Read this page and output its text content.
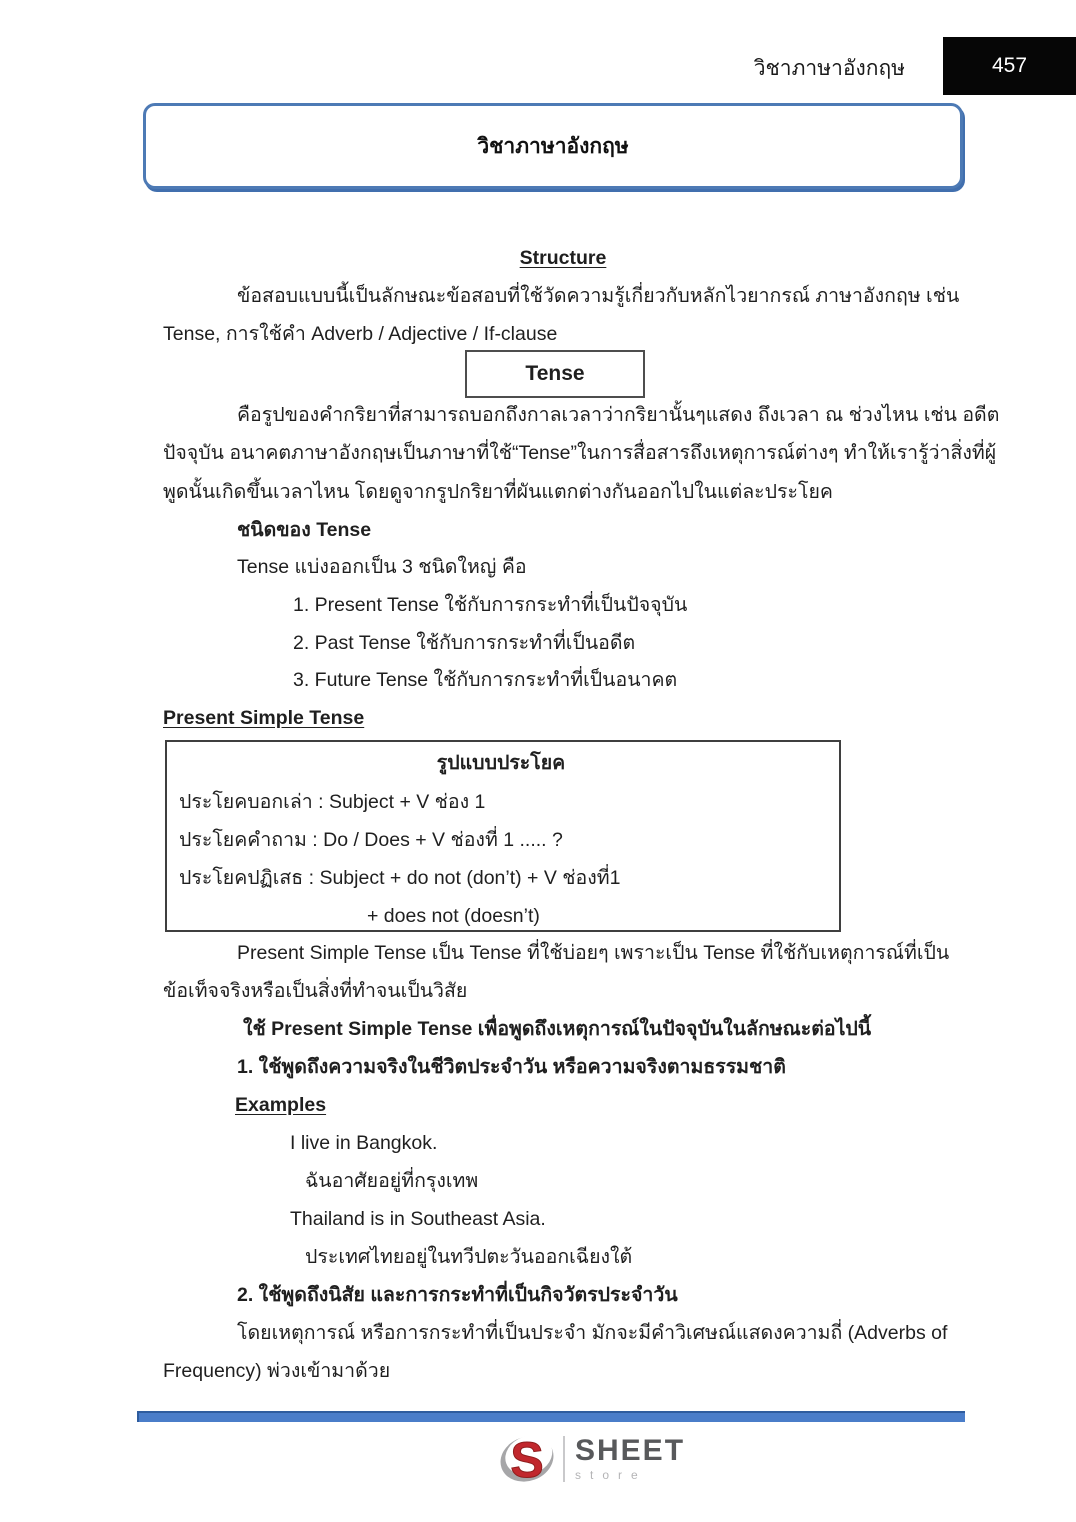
วิชาภาษาอังกฤษ	457
วิชาภาษาอังกฤษ
Structure
ข้อสอบแบบนี้เป็นลักษณะข้อสอบที่ใช้วัดความรู้เกี่ยวกับหลักไวยากรณ์ ภาษาอังกฤษ เช่น
Tense, การใช้คำ Adverb / Adjective / If-clause
Tense
คือรูปของคำกริยาที่สามารถบอกถึงกาลเวลาว่ากริยานั้นๆแสดง ถึงเวลา ณ ช่วงไหน เช่น อดีต
ปัจจุบัน อนาคตภาษาอังกฤษเป็นภาษาที่ใช้“Tense”ในการสื่อสารถึงเหตุการณ์ต่างๆ ทำให้เรารู้ว่าสิ่งที่ผู้
พูดนั้นเกิดขึ้นเวลาไหน โดยดูจากรูปกริยาที่ผันแตกต่างกันออกไปในแต่ละประโยค
ชนิดของ Tense
Tense แบ่งออกเป็น 3 ชนิดใหญ่ คือ
1. Present Tense ใช้กับการกระทำที่เป็นปัจจุบัน
2. Past Tense ใช้กับการกระทำที่เป็นอดีต
3. Future Tense ใช้กับการกระทำที่เป็นอนาคต
Present Simple Tense
รูปแบบประโยค
ประโยคบอกเล่า : Subject + V ช่อง 1
ประโยคคำถาม : Do / Does + V ช่องที่ 1 ..... ?
ประโยคปฏิเสธ : Subject + do not (don’t) + V ช่องที่1
+ does not (doesn’t)
Present Simple Tense เป็น Tense ที่ใช้บ่อยๆ เพราะเป็น Tense ที่ใช้กับเหตุการณ์ที่เป็น
ข้อเท็จจริงหรือเป็นสิ่งที่ทำจนเป็นวิสัย
ใช้ Present Simple Tense เพื่อพูดถึงเหตุการณ์ในปัจจุบันในลักษณะต่อไปนี้
1. ใช้พูดถึงความจริงในชีวิตประจำวัน หรือความจริงตามธรรมชาติ
Examples
I live in Bangkok.
ฉันอาศัยอยู่ที่กรุงเทพ
Thailand is in Southeast Asia.
ประเทศไทยอยู่ในทวีปตะวันออกเฉียงใต้
2. ใช้พูดถึงนิสัย และการกระทำที่เป็นกิจวัตรประจำวัน
โดยเหตุการณ์ หรือการกระทำที่เป็นประจำ มักจะมีคำวิเศษณ์แสดงความถี่ (Adverbs of
Frequency) พ่วงเข้ามาด้วย
S SHEET
store
